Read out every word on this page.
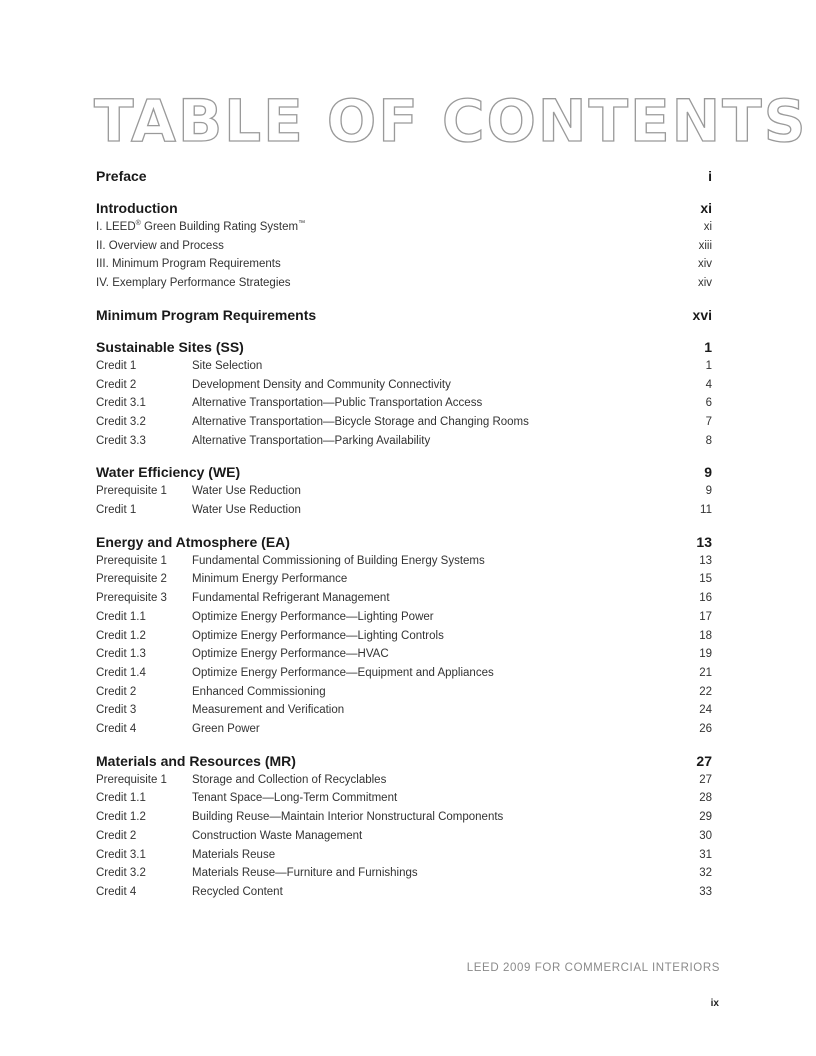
TABLE OF CONTENTS
Preface	i
Introduction	xi
I. LEED® Green Building Rating System™	xi
II. Overview and Process	xiii
III. Minimum Program Requirements	xiv
IV. Exemplary Performance Strategies	xiv
Minimum Program Requirements	xvi
Sustainable Sites (SS)	1
Credit 1	Site Selection	1
Credit 2	Development Density and Community Connectivity	4
Credit 3.1	Alternative Transportation—Public Transportation Access	6
Credit 3.2	Alternative Transportation—Bicycle Storage and Changing Rooms	7
Credit 3.3	Alternative Transportation—Parking Availability	8
Water Efficiency (WE)	9
Prerequisite 1	Water Use Reduction	9
Credit 1	Water Use Reduction	11
Energy and Atmosphere (EA)	13
Prerequisite 1	Fundamental Commissioning of Building Energy Systems	13
Prerequisite 2	Minimum Energy Performance	15
Prerequisite 3	Fundamental Refrigerant Management	16
Credit 1.1	Optimize Energy Performance—Lighting Power	17
Credit 1.2	Optimize Energy Performance—Lighting Controls	18
Credit 1.3	Optimize Energy Performance—HVAC	19
Credit 1.4	Optimize Energy Performance—Equipment and Appliances	21
Credit 2	Enhanced Commissioning	22
Credit 3	Measurement and Verification	24
Credit 4	Green Power	26
Materials and Resources (MR)	27
Prerequisite 1	Storage and Collection of Recyclables	27
Credit 1.1	Tenant Space—Long-Term Commitment	28
Credit 1.2	Building Reuse—Maintain Interior Nonstructural Components	29
Credit 2	Construction Waste Management	30
Credit 3.1	Materials Reuse	31
Credit 3.2	Materials Reuse—Furniture and Furnishings	32
Credit 4	Recycled Content	33
LEED 2009 FOR COMMERCIAL INTERIORS
ix
